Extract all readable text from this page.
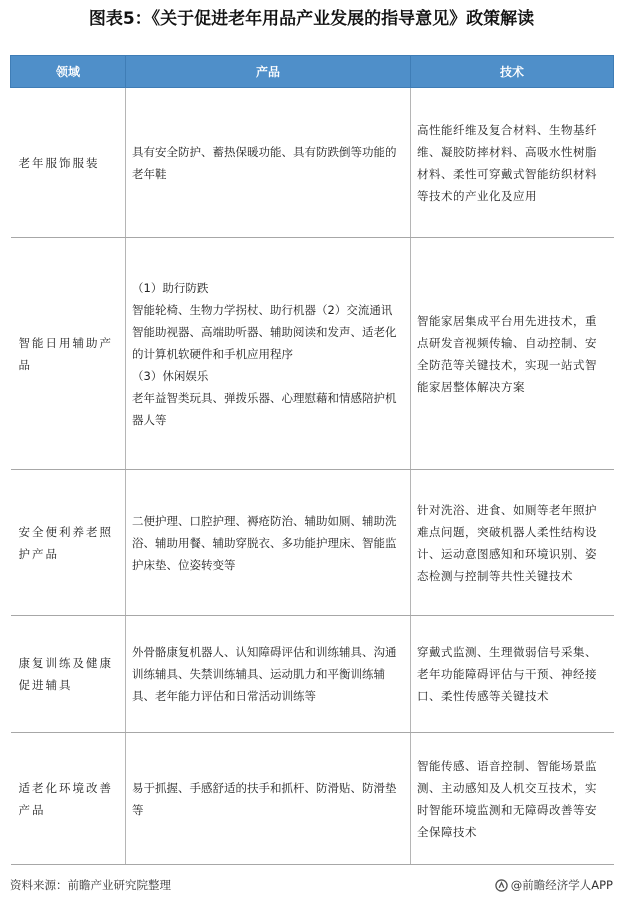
图表5：《关于促进老年用品产业发展的指导意见》政策解读
领域	产品	技术
老年服饰服装	具有安全防护、蓄热保暖功能、具有防跌倒等功能的老年鞋	高性能纤维及复合材料、生物基纤维、凝胶防摔材料、高吸水性树脂材料、柔性可穿戴式智能纺织材料等技术的产业化及应用
智能日用辅助产品	（1）助行防跌
智能轮椅、生物力学拐杖、助行机器（2）交流通讯
智能助视器、高端助听器、辅助阅读和发声、适老化的计算机软硬件和手机应用程序
（3）休闲娱乐
老年益智类玩具、弹拨乐器、心理慰藉和情感陪护机器人等	智能家居集成平台用先进技术，重点研发音视频传输、自动控制、安全防范等关键技术，实现一站式智能家居整体解决方案
安全便利养老照护产品	二便护理、口腔护理、褥疮防治、辅助如厕、辅助洗浴、辅助用餐、辅助穿脱衣、多功能护理床、智能监护床垫、位姿转变等	针对洗浴、进食、如厕等老年照护难点问题，突破机器人柔性结构设计、运动意图感知和环境识别、姿态检测与控制等共性关键技术
康复训练及健康促进辅具	外骨骼康复机器人、认知障碍评估和训练辅具、沟通训练辅具、失禁训练辅具、运动肌力和平衡训练辅具、老年能力评估和日常活动训练等	穿戴式监测、生理微弱信号采集、老年功能障碍评估与干预、神经接口、柔性传感等关键技术
适老化环境改善产品	易于抓握、手感舒适的扶手和抓杆、防滑贴、防滑垫等	智能传感、语音控制、智能场景监测、主动感知及人机交互技术，实时智能环境监测和无障碍改善等安全保障技术
资料来源：前瞻产业研究院整理	@前瞻经济学人APP
